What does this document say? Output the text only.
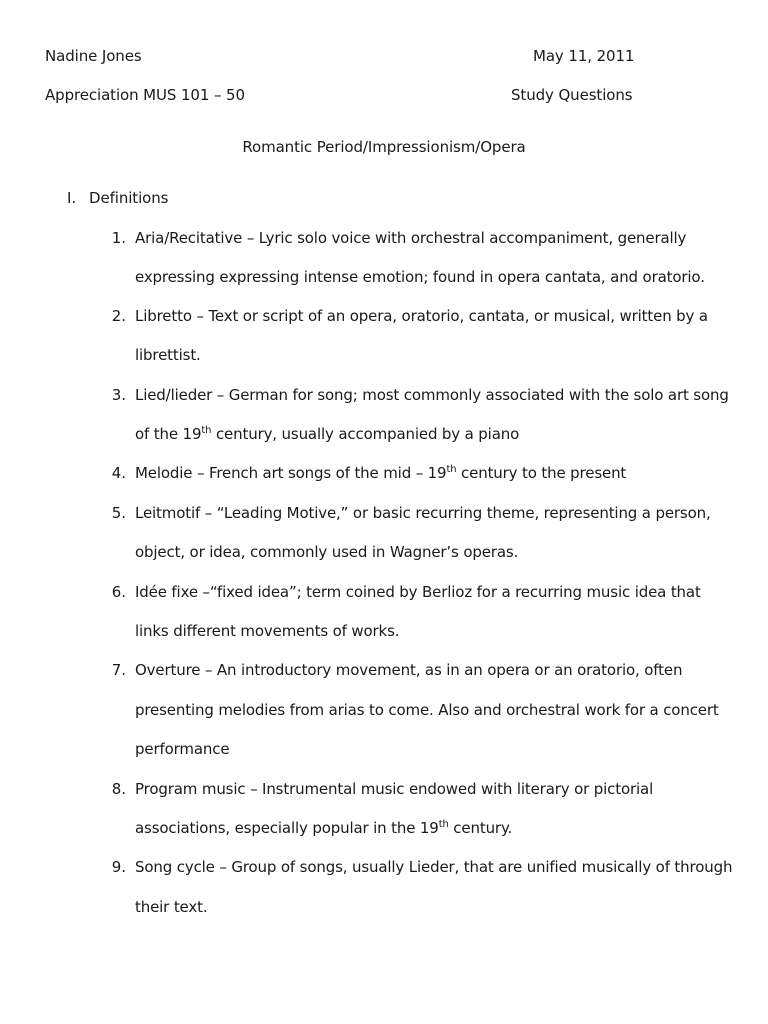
Nadine Jones	May 11, 2011
Appreciation MUS 101 – 50	Study Questions
Romantic Period/Impressionism/Opera
I. Definitions
1. Aria/Recitative – Lyric solo voice with orchestral accompaniment, generally
expressing expressing intense emotion; found in opera cantata, and oratorio.
2. Libretto – Text or script of an opera, oratorio, cantata, or musical, written by a
librettist.
3. Lied/lieder – German for song; most commonly associated with the solo art song
of the 19th century, usually accompanied by a piano
4. Melodie – French art songs of the mid – 19th century to the present
5. Leitmotif – “Leading Motive,” or basic recurring theme, representing a person,
object, or idea, commonly used in Wagner’s operas.
6. Idée fixe –“fixed idea”; term coined by Berlioz for a recurring music idea that
links different movements of works.
7. Overture – An introductory movement, as in an opera or an oratorio, often
presenting melodies from arias to come. Also and orchestral work for a concert
performance
8. Program music – Instrumental music endowed with literary or pictorial
associations, especially popular in the 19th century.
9. Song cycle – Group of songs, usually Lieder, that are unified musically of through
their text.
